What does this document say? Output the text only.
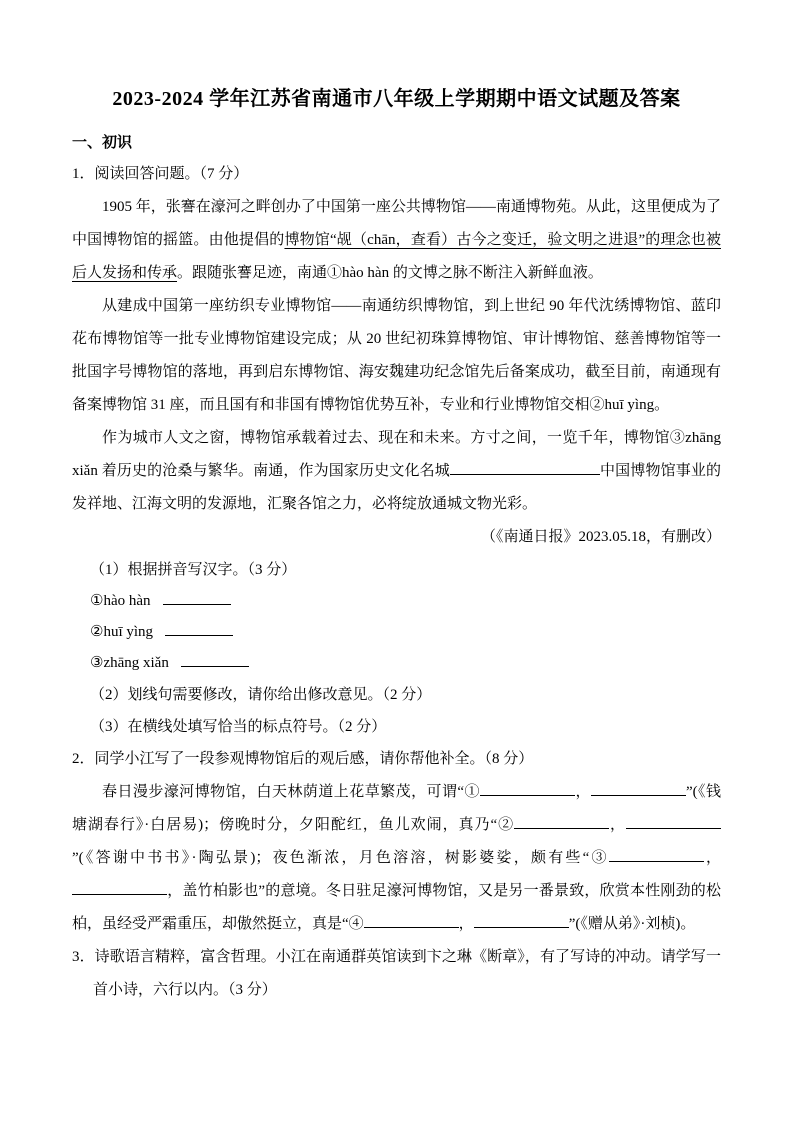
2023-2024 学年江苏省南通市八年级上学期期中语文试题及答案
一、初识
1．阅读回答问题。（7 分）

1905 年，张謇在濠河之畔创办了中国第一座公共博物馆——南通博物苑。从此，这里便成为了中国博物馆的摇篮。由他提倡的博物馆“觇（chān，查看）古今之变迁，验文明之进退”的理念也被后人发扬和传承。跟随张謇足迹，南通①hào hàn 的文博之脉不断注入新鲜血液。

从建成中国第一座纺织专业博物馆——南通纺织博物馆，到上世纪 90 年代沈绣博物馆、蓝印花布博物馆等一批专业博物馆建设完成；从 20 世纪初珠算博物馆、审计博物馆、慈善博物馆等一批国字号博物馆的落地，再到启东博物馆、海安魏建功纪念馆先后备案成功，截至目前，南通现有备案博物馆 31 座，而且国有和非国有博物馆优势互补，专业和行业博物馆交相②huī yìng。

作为城市人文之窗，博物馆承载着过去、现在和未来。方寸之间，一览千年，博物馆③zhāng xiǎn 着历史的沧桑与繁华。南通，作为国家历史文化名城	中国博物馆事业的发祥地、江海文明的发源地，汇聚各馆之力，必将绽放通城文物光彩。

（《南通日报》2023.05.18，有删改）

（1）根据拼音写汉字。（3 分）
①hào hàn
②huī yìng
③zhāng xiǎn
（2）划线句需要修改，请你给出修改意见。（2 分）
（3）在横线处填写恰当的标点符号。（2 分）
2．同学小江写了一段参观博物馆后的观后感，请你帮他补全。（8 分）

春日漫步濠河博物馆，白天林荫道上花草繁茂，可谓“①	，	”(《钱塘湖春行》·白居易)；傍晚时分，夕阳酡红，鱼儿欢闹，真乃“②	，”(《答谢中书书》·陶弘景)；夜色渐浓，月色溶溶，树影婆娑，颇有些“③	，，盖竹柏影也”的意境。冬日驻足濠河博物馆，又是另一番景致，欣赏本性刚劲的松柏，虽经受严霜重压，却傲然挺立，真是“④	，	”(《赠从弟》·刘桢)。

3．诗歌语言精粹，富含哲理。小江在南通群英馆读到卞之琳《断章》，有了写诗的冲动。请学写一首小诗，六行以内。（3 分）
